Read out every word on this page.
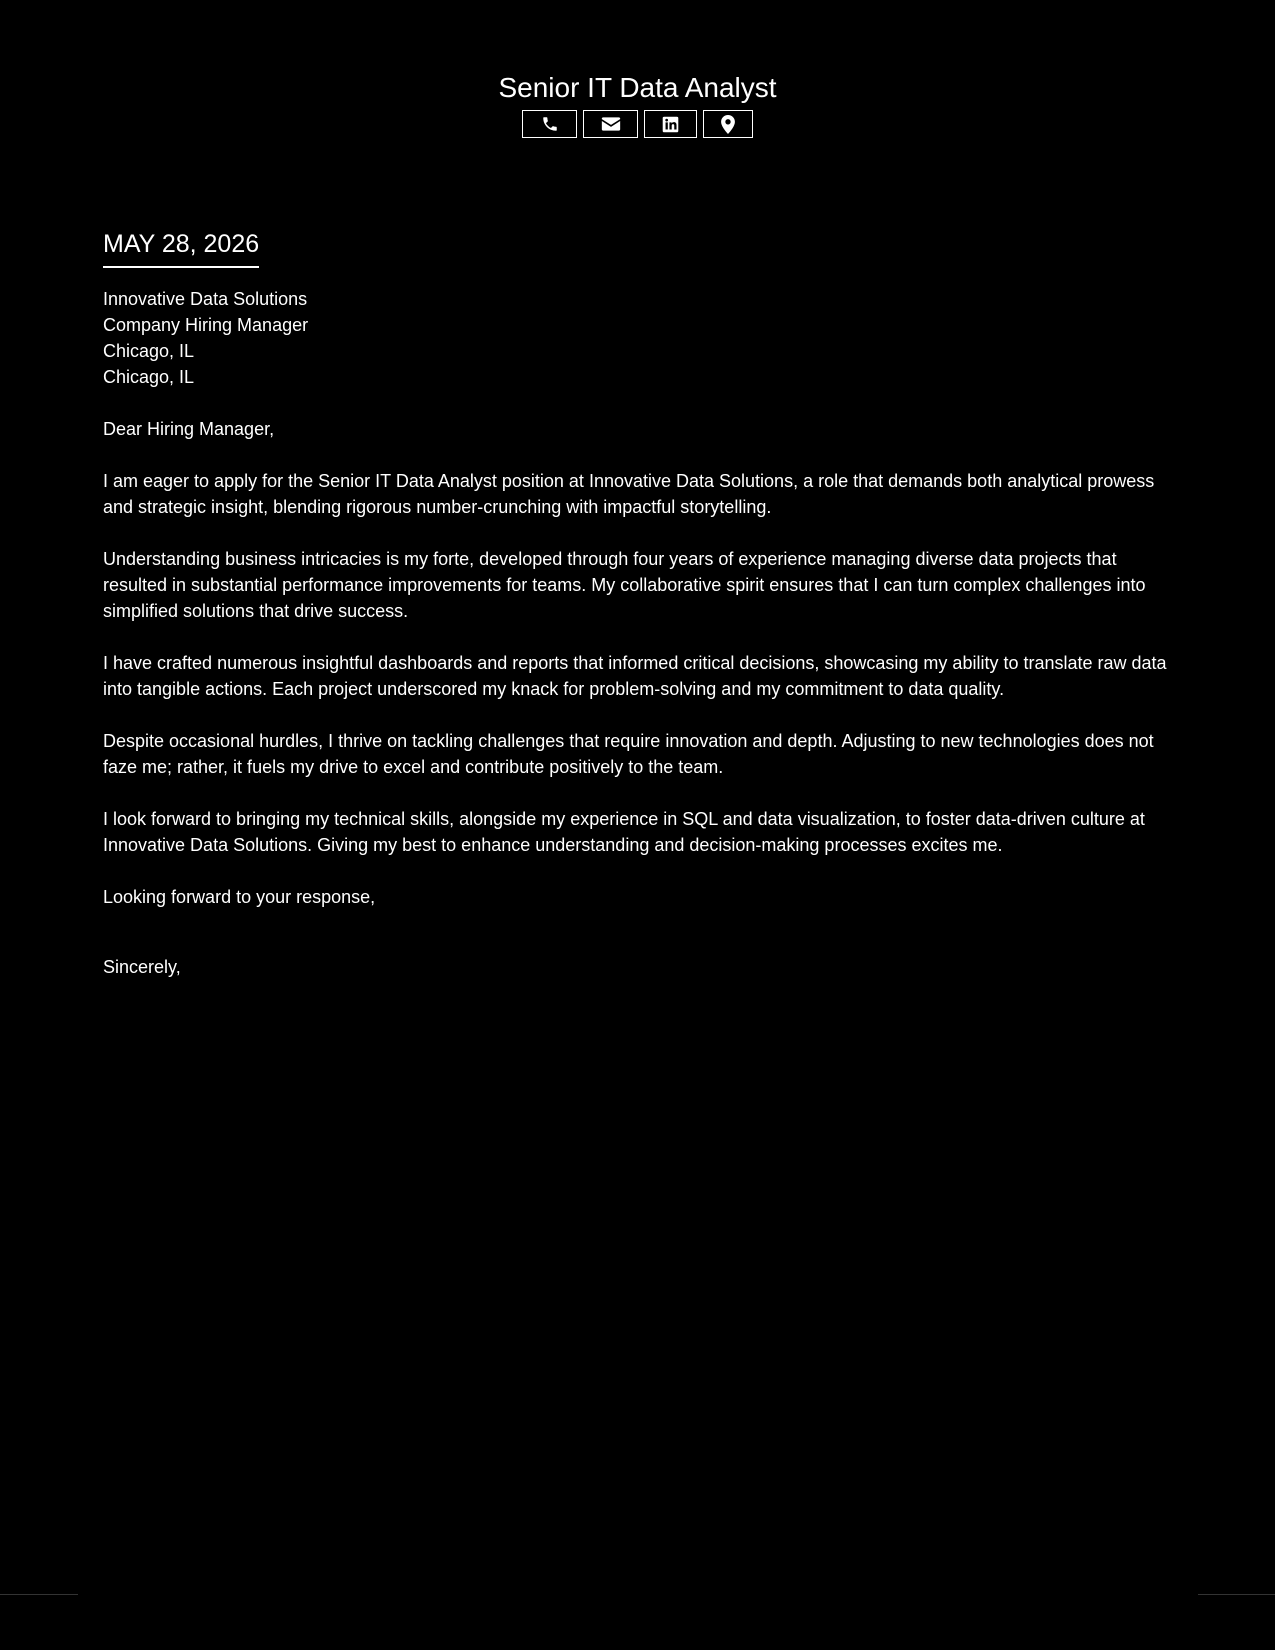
Senior IT Data Analyst
MAY 28, 2026
Innovative Data Solutions
Company Hiring Manager
Chicago, IL
Chicago, IL
Dear Hiring Manager,
I am eager to apply for the Senior IT Data Analyst position at Innovative Data Solutions, a role that demands both analytical prowess and strategic insight, blending rigorous number-crunching with impactful storytelling.
Understanding business intricacies is my forte, developed through four years of experience managing diverse data projects that resulted in substantial performance improvements for teams. My collaborative spirit ensures that I can turn complex challenges into simplified solutions that drive success.
I have crafted numerous insightful dashboards and reports that informed critical decisions, showcasing my ability to translate raw data into tangible actions. Each project underscored my knack for problem-solving and my commitment to data quality.
Despite occasional hurdles, I thrive on tackling challenges that require innovation and depth. Adjusting to new technologies does not faze me; rather, it fuels my drive to excel and contribute positively to the team.
I look forward to bringing my technical skills, alongside my experience in SQL and data visualization, to foster data-driven culture at Innovative Data Solutions. Giving my best to enhance understanding and decision-making processes excites me.
Looking forward to your response,
Sincerely,
